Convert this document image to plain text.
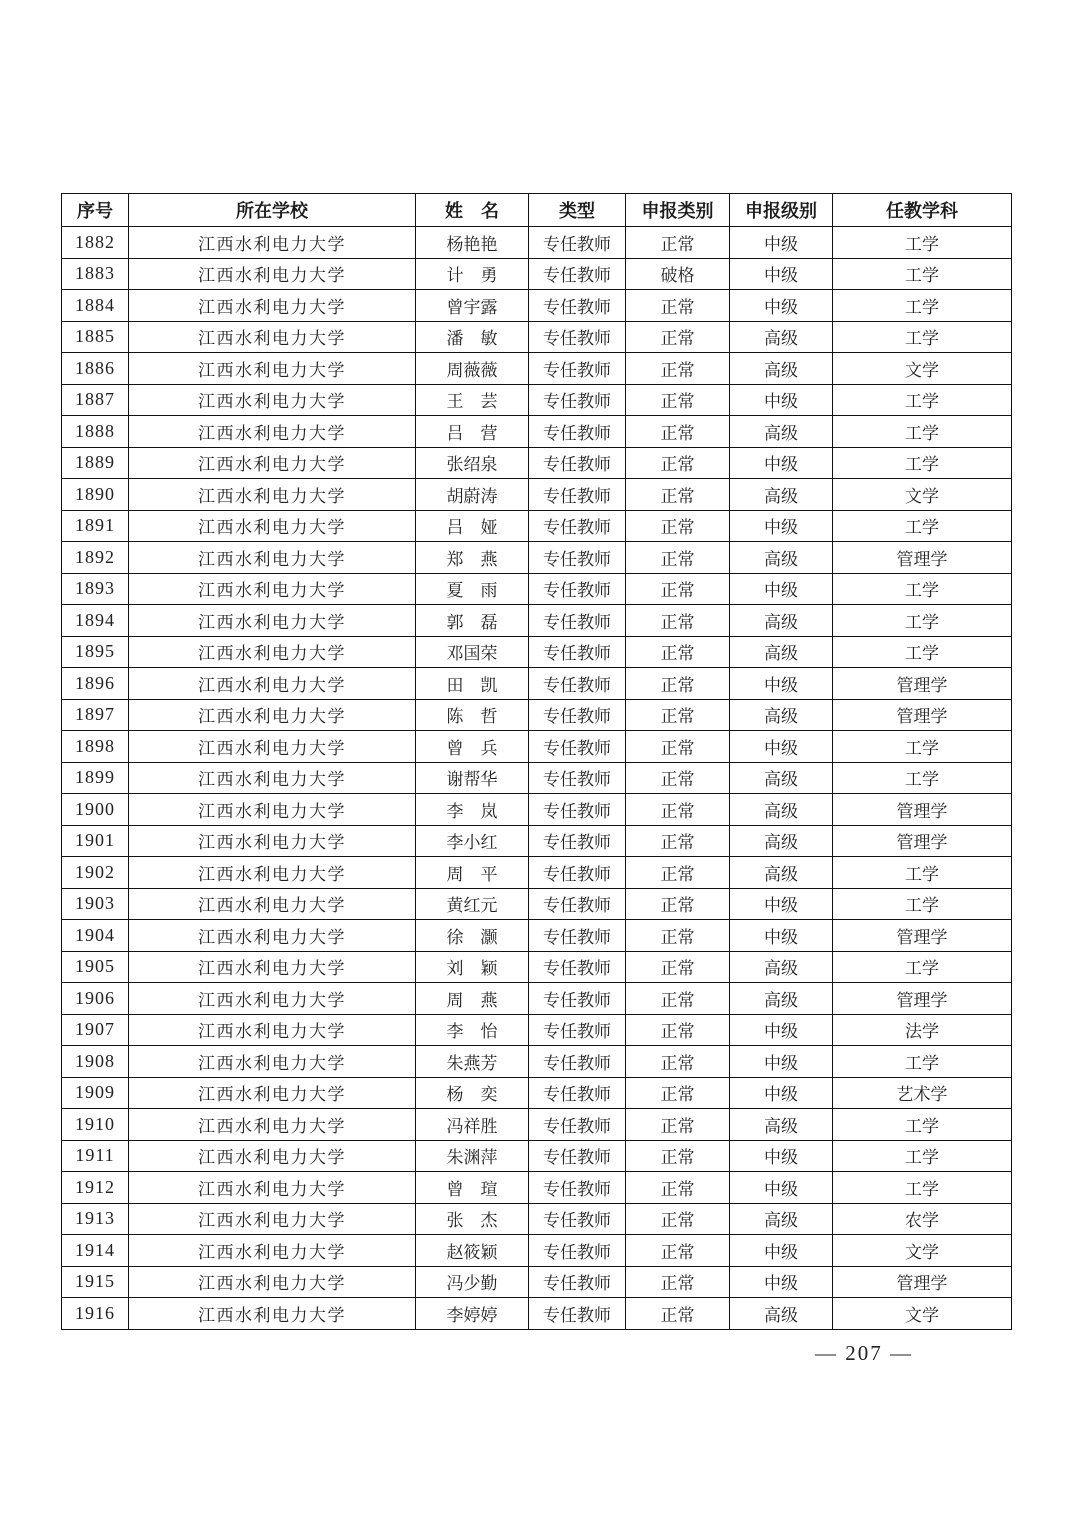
序号	所在学校	姓　名	类型	申报类别	申报级别	任教学科
1882	江西水利电力大学	杨艳艳	专任教师	正常	中级	工学
1883	江西水利电力大学	计　勇	专任教师	破格	中级	工学
1884	江西水利电力大学	曾宇露	专任教师	正常	中级	工学
1885	江西水利电力大学	潘　敏	专任教师	正常	高级	工学
1886	江西水利电力大学	周薇薇	专任教师	正常	高级	文学
1887	江西水利电力大学	王　芸	专任教师	正常	中级	工学
1888	江西水利电力大学	吕　营	专任教师	正常	高级	工学
1889	江西水利电力大学	张绍泉	专任教师	正常	中级	工学
1890	江西水利电力大学	胡蔚涛	专任教师	正常	高级	文学
1891	江西水利电力大学	吕　娅	专任教师	正常	中级	工学
1892	江西水利电力大学	郑　燕	专任教师	正常	高级	管理学
1893	江西水利电力大学	夏　雨	专任教师	正常	中级	工学
1894	江西水利电力大学	郭　磊	专任教师	正常	高级	工学
1895	江西水利电力大学	邓国荣	专任教师	正常	高级	工学
1896	江西水利电力大学	田　凯	专任教师	正常	中级	管理学
1897	江西水利电力大学	陈　哲	专任教师	正常	高级	管理学
1898	江西水利电力大学	曾　兵	专任教师	正常	中级	工学
1899	江西水利电力大学	谢帮华	专任教师	正常	高级	工学
1900	江西水利电力大学	李　岚	专任教师	正常	高级	管理学
1901	江西水利电力大学	李小红	专任教师	正常	高级	管理学
1902	江西水利电力大学	周　平	专任教师	正常	高级	工学
1903	江西水利电力大学	黄红元	专任教师	正常	中级	工学
1904	江西水利电力大学	徐　灏	专任教师	正常	中级	管理学
1905	江西水利电力大学	刘　颖	专任教师	正常	高级	工学
1906	江西水利电力大学	周　燕	专任教师	正常	高级	管理学
1907	江西水利电力大学	李　怡	专任教师	正常	中级	法学
1908	江西水利电力大学	朱燕芳	专任教师	正常	中级	工学
1909	江西水利电力大学	杨　奕	专任教师	正常	中级	艺术学
1910	江西水利电力大学	冯祥胜	专任教师	正常	高级	工学
1911	江西水利电力大学	朱渊萍	专任教师	正常	中级	工学
1912	江西水利电力大学	曾　瑄	专任教师	正常	中级	工学
1913	江西水利电力大学	张　杰	专任教师	正常	高级	农学
1914	江西水利电力大学	赵筱颖	专任教师	正常	中级	文学
1915	江西水利电力大学	冯少勤	专任教师	正常	中级	管理学
1916	江西水利电力大学	李婷婷	专任教师	正常	高级	文学
— 207 —
